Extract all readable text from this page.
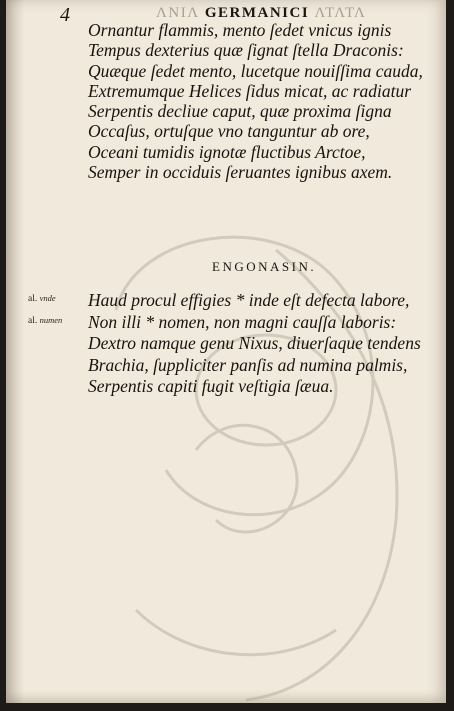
4	ΛΝΙΛ GERMANICI ΛΤΛΤΛ
Ornantur flammis, mento ſedet vnicus ignis
Tempus dexterius quæ ſignat ſtella Draconis:
Quæque ſedet mento, lucetque nouiſſima cauda,
Extremumque Helices ſidus micat, ac radiatur
Serpentis decliue caput, quæ proxima ſigna
Occaſus, ortuſque vno tanguntur ab ore,
Oceani tumidis ignotæ fluctibus Arctoe,
Semper in occiduis ſeruantes ignibus axem.
ENGONASIN.
al. vnde
al. numen
Haud procul effigies * inde eſt defecta labore,
Non illi * nomen, non magni cauſſa laboris:
Dextro namque genu Nixus, diuerſaque tendens
Brachia, ſuppliciter panſis ad numina palmis,
Serpentis capiti fugit veſtigia ſæua.
